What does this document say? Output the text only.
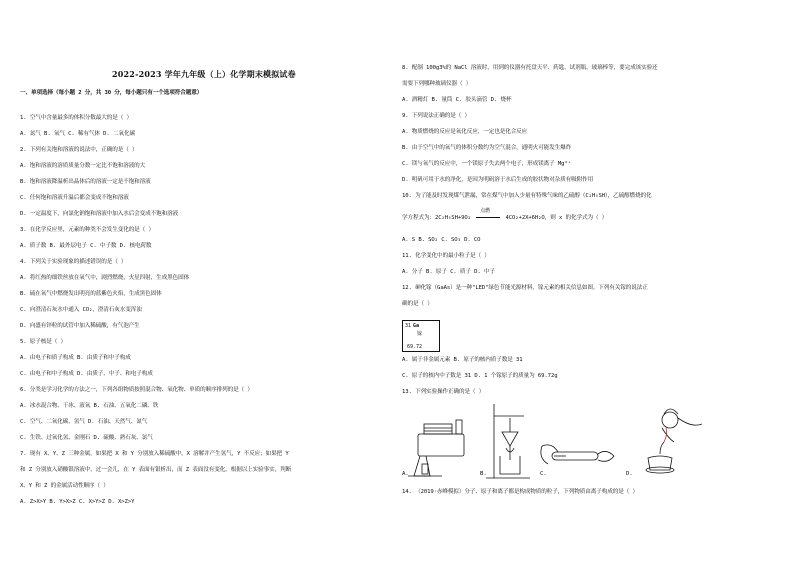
2022-2023 学年九年级（上）化学期末模拟试卷
一、单项选择（每小题 2 分，共 30 分，每小题只有一个选项符合题意）
1. 空气中含量最多的体积分数最大的是（ ）
A. 氮气 B. 氧气 C. 稀有气体 D. 二氧化碳
2. 下列有关饱和溶液的说法中，正确的是（ ）
A. 饱和溶液的溶质质量分数一定比不饱和溶液的大
B. 饱和溶液降温析出晶体后的溶液一定是不饱和溶液
C. 任何饱和溶液升温后都会变成不饱和溶液
D. 一定温度下，向氯化钠饱和溶液中加入水后会变成不饱和溶液
3. 在化学反应里，元素的种类不会发生变化的是（ ）
A. 质子数 B. 最外层电子 C. 中子数 D. 核电荷数
4. 下列关于实验现象的描述错误的是（ ）
A. 将红热的细铁丝放在氧气中，剧烈燃烧，火星四射，生成黑色固体
B. 硫在氧气中燃烧发出明亮的蓝紫色火焰，生成黑色固体
C. 向澄清石灰水中通入 CO₂，澄清石灰水变浑浊
D. 向盛有锌粒的试管中加入稀硫酸，有气泡产生
5. 原子核是（ ）
A. 由电子和质子构成 B. 由质子和中子构成
C. 由电子和中子构成 D. 由质子、中子、和电子构成
6. 分类是学习化学的方法之一，下列各组物质按照混合物、氧化物、单质的顺序排列的是（ ）
A. 冰水混合物、干冰、液氧 B. 石油、五氧化二磷、铁
C. 空气、二氧化碳、氢气 D. 石油、天然气、氮气
C. 生铁、过氧化氢、金刚石 D. 硫酸、熟石灰、氯气
7. 现有 X、Y、Z 三种金属，如果把 X 和 Y 分别放入稀硫酸中，X 溶解并产生氢气，Y 不反应；如果把 Y
和 Z 分别放入硝酸银溶液中，过一会儿，在 Y 表面有银析出，而 Z 表面没有变化。根据以上实验事实，判断
X、Y 和 Z 的金属活动性顺序（ ）
A. Z>X>Y B. Y>X>Z C. X>Y>Z D. X>Z>Y
8. 配制 100g3%的 NaCl 溶液时，用到的仪器有托盘天平、药匙、试剂瓶、玻璃棒等，要完成该实验还
需要下列哪种玻璃仪器（ ）
A. 酒精灯 B. 量筒 C. 胶头滴管 D. 烧杯
9. 下列说法正确的是（ ）
A. 物质燃烧的反应是氧化反应，一定也是化合反应
B. 由于空气中的氧气的体积分数约为空气混合，通明火可能发生爆炸
C. 镁与氧气的反应中，一个镁原子失去两个电子，形成镁离子 Mg²⁺
D. 明矾可用于水的净化，是因为明矾溶于水后生成的胶状物对杂质有吸附作用
10. 为了能及时发现煤气泄漏，常在煤气中加入少量有特殊气味的乙硫醇（C₂H₅SH），乙硫醇燃烧的化
学方程式为：2C₂H₅SH+9O₂
点燃
4CO₂+2X+6H₂O，则 x 的化学式为（ ）
A. S B. SO₂ C. SO₃ D. CO
11. 化学变化中的最小粒子是（ ）
A. 分子 B. 原子 C. 质子 D. 中子
12. 砷化镓（GaAs）是一种"LED"绿色节能光源材料，镓元素的相关信息如图。下列有关镓的说法正
确的是（ ）
A. 属于非金属元素 B. 原子的核内质子数是 31
C. 原子的核内中子数是 31 D. 1 个镓原子的质量为 69.72g
13. 下列实验操作正确的是（ ）
14. （2019·赤峰模拟）分子、原子和离子都是构成物质的粒子，下列物质由离子构成的是（ ）
31 Ga
镓
69.72
A.	B.	C.	D.
